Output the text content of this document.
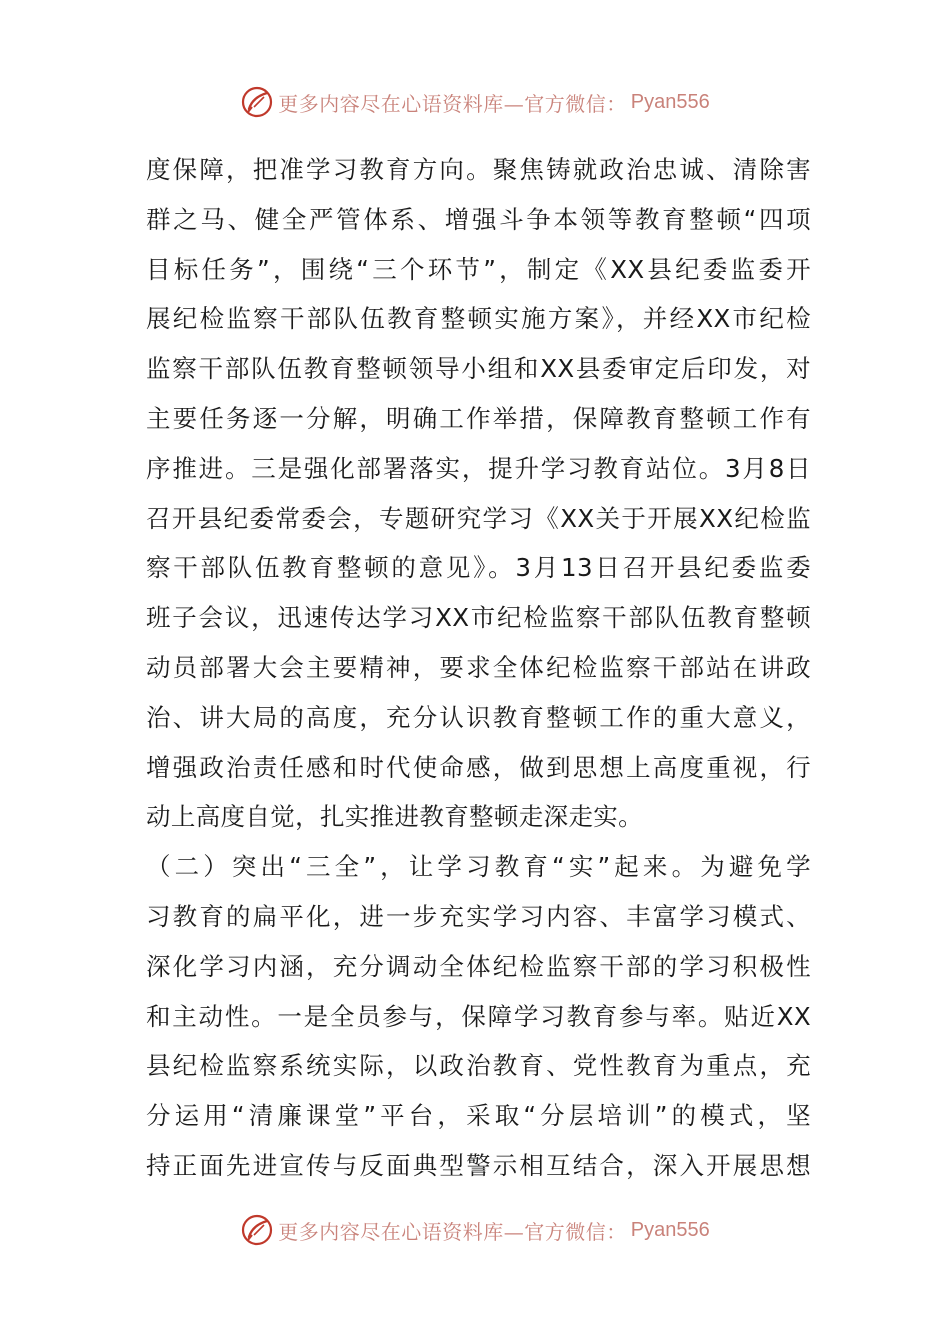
更多内容尽在心语资料库—官方微信： Pyan556
度保障，把准学习教育方向。聚焦铸就政治忠诚、清除害
群之马、健全严管体系、增强斗争本领等教育整顿“四项
目标任务”，围绕“三个环节”，制定《XX县纪委监委开
展纪检监察干部队伍教育整顿实施方案》，并经XX市纪检
监察干部队伍教育整顿领导小组和XX县委审定后印发，对
主要任务逐一分解，明确工作举措，保障教育整顿工作有
序推进。三是强化部署落实，提升学习教育站位。3月8日
召开县纪委常委会，专题研究学习《XX关于开展XX纪检监
察干部队伍教育整顿的意见》。3月13日召开县纪委监委
班子会议，迅速传达学习XX市纪检监察干部队伍教育整顿
动员部署大会主要精神，要求全体纪检监察干部站在讲政
治、讲大局的高度，充分认识教育整顿工作的重大意义，
增强政治责任感和时代使命感，做到思想上高度重视，行
动上高度自觉，扎实推进教育整顿走深走实。
（二）突出“三全”，让学习教育“实”起来。为避免学
习教育的扁平化，进一步充实学习内容、丰富学习模式、
深化学习内涵，充分调动全体纪检监察干部的学习积极性
和主动性。一是全员参与，保障学习教育参与率。贴近XX
县纪检监察系统实际，以政治教育、党性教育为重点，充
分运用“清廉课堂”平台，采取“分层培训”的模式，坚
持正面先进宣传与反面典型警示相互结合，深入开展思想
更多内容尽在心语资料库—官方微信： Pyan556
